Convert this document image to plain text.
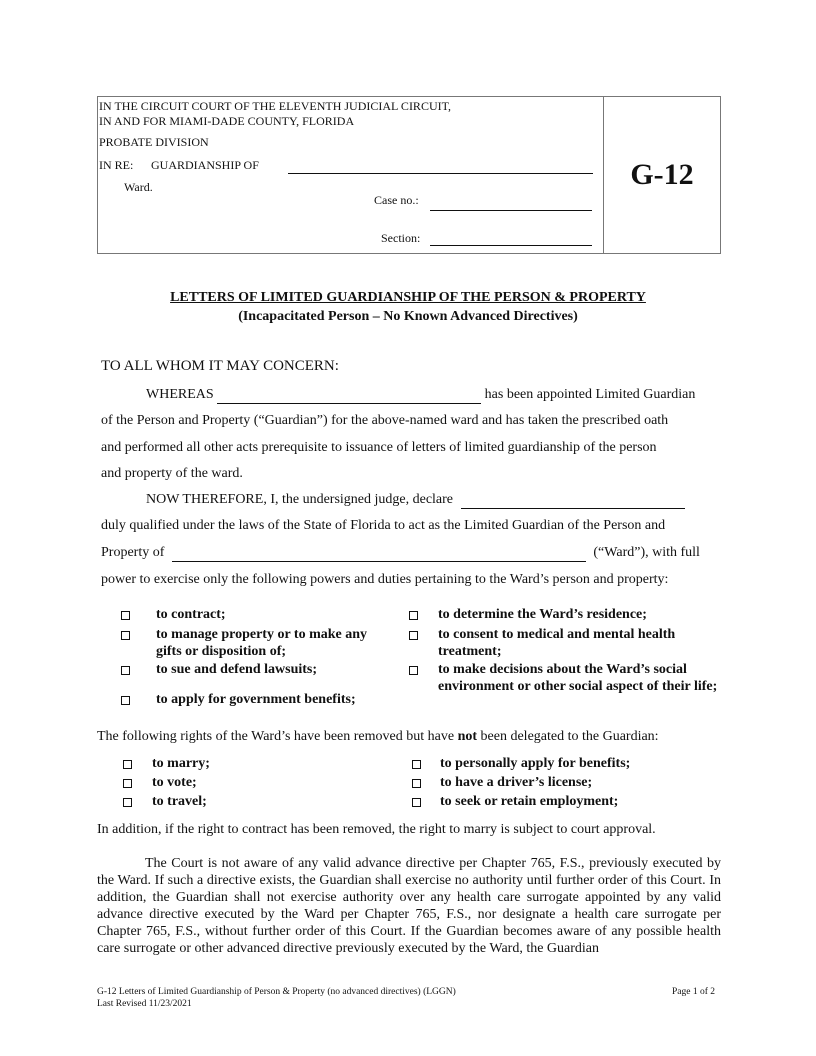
IN THE CIRCUIT COURT OF THE ELEVENTH JUDICIAL CIRCUIT,
IN AND FOR MIAMI-DADE COUNTY, FLORIDA
PROBATE DIVISION
IN RE: GUARDIANSHIP OF
Ward.
Case no.:
Section:
G-12
LETTERS OF LIMITED GUARDIANSHIP OF THE PERSON & PROPERTY
(Incapacitated Person – No Known Advanced Directives)
TO ALL WHOM IT MAY CONCERN:
WHEREAS	has been appointed Limited Guardian
of the Person and Property (“Guardian”) for the above-named ward and has taken the prescribed oath
and performed all other acts prerequisite to issuance of letters of limited guardianship of the person
and property of the ward.
NOW THEREFORE, I, the undersigned judge, declare
duly qualified under the laws of the State of Florida to act as the Limited Guardian of the Person and
Property of	(“Ward”), with full
power to exercise only the following powers and duties pertaining to the Ward’s person and property:
to contract;
to manage property or to make any gifts or disposition of;
to sue and defend lawsuits;
to apply for government benefits;
to determine the Ward’s residence;
to consent to medical and mental health treatment;
to make decisions about the Ward’s social environment or other social aspect of their life;
The following rights of the Ward’s have been removed but have not been delegated to the Guardian:
to marry;
to vote;
to travel;
to personally apply for benefits;
to have a driver’s license;
to seek or retain employment;
In addition, if the right to contract has been removed, the right to marry is subject to court approval.
The Court is not aware of any valid advance directive per Chapter 765, F.S., previously executed by the Ward. If such a directive exists, the Guardian shall exercise no authority until further order of this Court. In addition, the Guardian shall not exercise authority over any health care surrogate appointed by any valid advance directive executed by the Ward per Chapter 765, F.S., nor designate a health care surrogate per Chapter 765, F.S., without further order of this Court. If the Guardian becomes aware of any possible health care surrogate or other advanced directive previously executed by the Ward, the Guardian
G-12 Letters of Limited Guardianship of Person & Property (no advanced directives) (LGGN)
Last Revised 11/23/2021
Page 1 of 2
